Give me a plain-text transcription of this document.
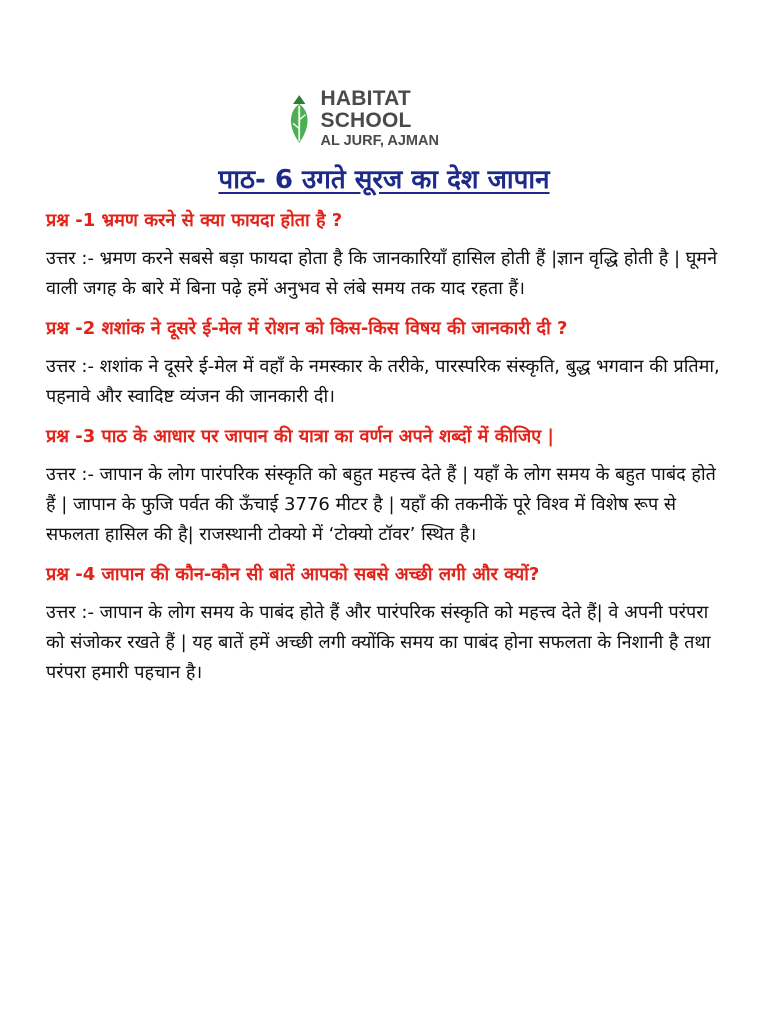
HABITAT SCHOOL
AL JURF, AJMAN
पाठ- 6 उगते सूरज का देश जापान

प्रश्न -1 भ्रमण करने से क्या फायदा होता है ?

उत्तर :- भ्रमण करने सबसे बड़ा फायदा होता है कि जानकारियाँ हासिल होती हैं |ज्ञान वृद्धि होती है | घूमने वाली जगह के बारे में बिना पढ़े हमें अनुभव से लंबे समय तक याद रहता हैं।

प्रश्न -2 शशांक ने दूसरे ई-मेल में रोशन को किस-किस विषय की जानकारी दी ?

उत्तर :- शशांक ने दूसरे ई-मेल में वहाँ के नमस्कार के तरीके, पारस्परिक संस्कृति, बुद्ध भगवान की प्रतिमा, पहनावे और स्वादिष्ट व्यंजन की जानकारी दी।

प्रश्न -3 पाठ के आधार पर जापान की यात्रा का वर्णन अपने शब्दों में कीजिए |

उत्तर :- जापान के लोग पारंपरिक संस्कृति को बहुत महत्त्व देते हैं | यहाँ के लोग समय के बहुत पाबंद होते हैं | जापान के फुजि पर्वत की ऊँचाई 3776 मीटर है | यहाँ की तकनीकें पूरे विश्व में विशेष रूप से सफलता हासिल की है| राजस्थानी टोक्यो में ‘टोक्यो टॉवर’ स्थित है।

प्रश्न -4 जापान की कौन-कौन सी बातें आपको सबसे अच्छी लगी और क्यों?

उत्तर :- जापान के लोग समय के पाबंद होते हैं और पारंपरिक संस्कृति को महत्त्व देते हैं| वे अपनी परंपरा को संजोकर रखते हैं | यह बातें हमें अच्छी लगी क्योंकि समय का पाबंद होना सफलता के निशानी है तथा परंपरा हमारी पहचान है।
